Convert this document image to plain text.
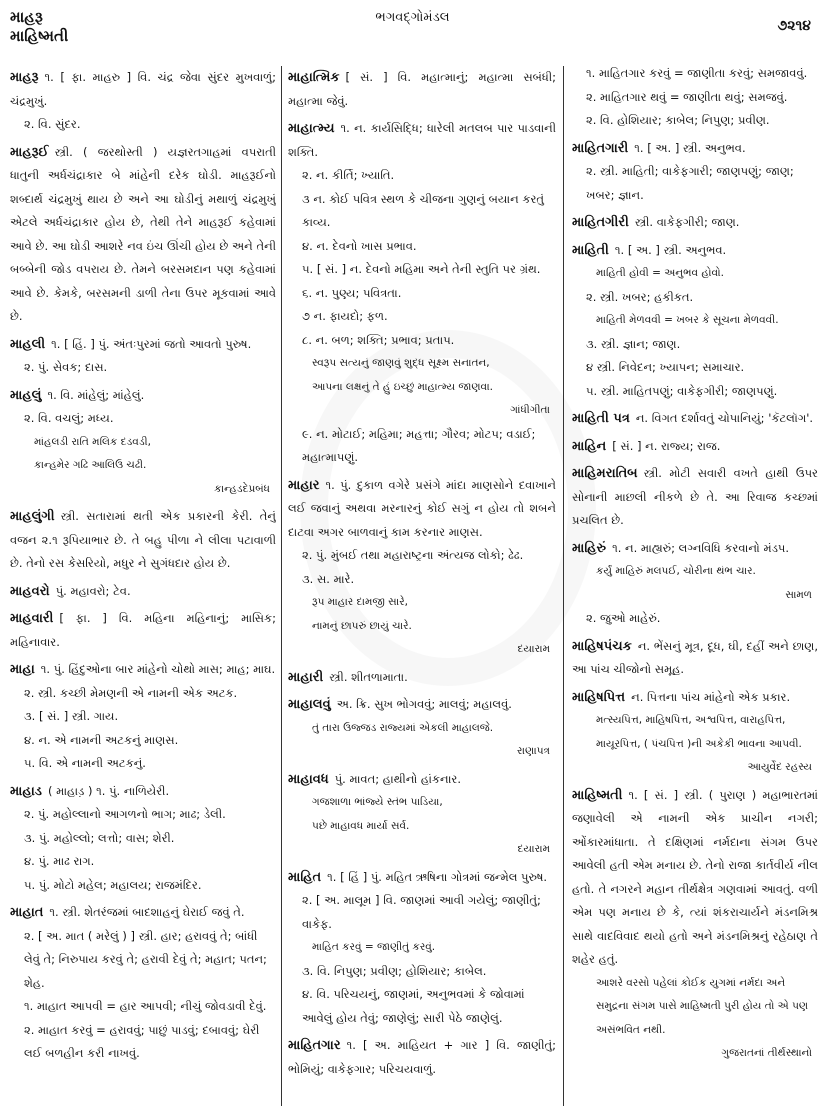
માહરૂ
માહિષ્મતી
ભગવદ્ગોમંડલ
૭૨૧૪
માહરૂ ૧. [ ફા. માહરુ ] વિ. ચંદ્ર જેવા સુંદર મુખવાળું; ચંદ્રમુખું.
૨. વિ. સુંદર.
માહરૂઈ સ્ત્રી. ( જરથોસ્તી ) યજ્ઞરતગાહમાં વપરાતી ધાતુની અર્ધચંદ્રાકાર બે માંહેની દરેક ઘોડી. માહરૂઈનો શબ્દાર્થ ચંદ્રમુખું થાય છે અને આ ઘોડીનું મથાળું ચંદ્રમુખું એટલે અર્ધચંદ્રાકાર હોય છે, તેથી તેને માહરૂઈ કહેવામાં આવે છે. આ ઘોડી આશરે નવ ઇંચ ઊંચી હોય છે અને તેની બબ્બેની જોડ વપરાય છે. તેમને બરસમદાન પણ કહેવામાં આવે છે. કેમકે, બરસમની ડાળી તેના ઉપર મૂકવામાં આવે છે.
માહલી ૧. [ હિં. ] પું. અંતઃપુરમાં જતો આવતો પુરુષ.
૨. પું. સેવક; દાસ.
માહલું ૧. વિ. માંહેલું; માંહેલું.
૨. વિ. વચલું; મધ્ય.
માંહલડી રાતિ મલિક દડવડી,
કાન્હમેર ગઢિ આલિઉ ચઢી.
કાન્હડદેપ્રબંધ
માહલુંગી સ્ત્રી. સતારામાં થતી એક પ્રકારની કેરી. તેનું વજન ૨.૧ રૂપિયાભાર છે. તે બહુ પીળા ને લીલા પટાવાળી છે. તેનો રસ કેસરિયો, મધુર ને સુગંધદાર હોય છે.
માહવરો પું. મહાવરો; ટેવ.
માહવારી [ ફા. ] વિ. મહિના મહિનાનું; માસિક; મહિનાવાર.
માહા ૧. પું. હિંદુઓના બાર માંહેનો ચોથો માસ; માહ; માઘ.
૨. સ્ત્રી. કચ્છી મેમણની એ નામની એક અટક.
૩. [ સં. ] સ્ત્રી. ગાય.
૪. ન. એ નામની અટકનું માણસ.
૫. વિ. એ નામની અટકનું.
માહાડ ( માહાડ઼ ) ૧. પું. નાળિયેરી.
૨. પું. મહોલ્લાનો આગળનો ભાગ; માઢ; ડેલી.
૩. પું. મહોલ્લો; લત્તો; વાસ; શેરી.
૪. પું. માઢ રાગ.
૫. પું. મોટો મહેલ; મહાલય; રાજમંદિર.
માહાત ૧. સ્ત્રી. શેતરંજમાં બાદશાહનું ઘેરાઈ જવું તે.
૨. [ અ. માત ( મરેલું ) ] સ્ત્રી. હાર; હરાવવું તે; બાંધી લેવું તે; નિરુપાય કરવું તે; હરાવી દેવું તે; મહાત; પતન; શેહ.
૧. માહાત આપવી = હાર આપવી; નીચું જોવડાવી દેવું.
૨. માહાત કરવું = હરાવવું; પાછું પાડવું; દબાવવું; ઘેરી લઈ બળહીન કરી નાખવું.
માહાત્મિક [ સં. ] વિ. મહાત્માનું; મહાત્મા સબંધી; મહાત્મા જેવું.
માહાત્મ્ય ૧. ન. કાર્યસિદ્ધિ; ધારેલી મતલબ પાર પાડવાની શક્તિ.
૨. ન. કીર્તિ; ખ્યાતિ.
૩ ન. કોઈ પવિત્ર સ્થળ કે ચીજના ગુણનું બયાન કરતું કાવ્ય.
૪. ન. દેવનો ખાસ પ્રભાવ.
૫. [ સં. ] ન. દેવનો મહિમા અને તેની સ્તુતિ પર ગ્રંથ.
૬. ન. પુણ્ય; પવિત્રતા.
૭ ન. ફાયદો; ફળ.
૮. ન. બળ; શક્તિ; પ્રભાવ; પ્રતાપ.
સ્વરૂપ સત્યનું જાણવું શુદ્ધ સૂક્ષ્મ સનાતન,
આપના લક્ષનું તે હું ઇચ્છું માહાત્મ્ય જાણવા.
ગાંધીગીતા
૯. ન. મોટાઈ; મહિમા; મહત્તા; ગૌરવ; મોટપ; વડાઈ; મહાત્માપણું.
માહાર ૧. પું. દુકાળ વગેરે પ્રસંગે માંદા માણસોને દવાખાને લઈ જવાનું અથવા મરનારનું કોઈ સગું ન હોય તો શબને દાટવા અગર બાળવાનું કામ કરનાર માણસ.
૨. પું. મુંબઈ તથા મહારાષ્ટ્રના અંત્યજ લોકો; ઢેઢ.
૩. સ. મારે.
રૂપ માહાર દામજી સારે,
નામનું છાપરું છાયું ચારે.
દયારામ
માહારી સ્ત્રી. શીતળામાતા.
માહાલવું અ. ક્રિ. સુખ ભોગવવું; માલવું; મહાલવું.
તું તારા ઉજ્જડ રાજ્યમાં એકલી માહાલજે.
રાણાપત્ર
માહાવધ પું. માવત; હાથીનો હાંકનાર.
ગજશાળા ભાંજ્યે સ્તંભ પાડિયા,
પછે માહાવધ માર્યા સર્વ.
દયારામ
માહિત ૧. [ હિં ] પું. મહિત ઋષિના ગોત્રમાં જન્મેલ પુરુષ.
૨. [ અ. માલૂમ ] વિ. જાણમાં આવી ગયેલું; જાણીતું; વાકેફ.
માહિત કરવું = જાણીતું કરવું.
૩. વિ. નિપુણ; પ્રવીણ; હોશિયાર; કાબેલ.
૪. વિ. પરિચયનું, જાણમાં, અનુભવમાં કે જોવામાં આવેલું હોય તેવું; જાણેલું; સારી પેઠે જાણેલું.
માહિતગાર ૧. [ અ. માહિયત + ગાર ] વિ. જાણીતું; ભોમિયું; વાકેફગાર; પરિચયવાળું.
૧. માહિતગાર કરવું = જાણીતા કરવું; સમજાવવું.
૨. માહિતગાર થવું = જાણીતા થવું; સમજવું.
૨. વિ. હોશિયાર; કાબેલ; નિપુણ; પ્રવીણ.
માહિતગારી ૧. [ અ. ] સ્ત્રી. અનુભવ.
૨. સ્ત્રી. માહિતી; વાકેફગારી; જાણપણું; જાણ; ખબર; જ્ઞાન.
માહિતગીરી સ્ત્રી. વાકેફગીરી; જાણ.
માહિતી ૧. [ અ. ] સ્ત્રી. અનુભવ.
માહિતી હોવી = અનુભવ હોવો.
૨. સ્ત્રી. ખબર; હકીકત.
માહિતી મેળવવી = ખબર કે સૂચના મેળવવી.
૩. સ્ત્રી. જ્ઞાન; જાણ.
૪ સ્ત્રી. નિવેદન; ખ્યાપન; સમાચાર.
૫. સ્ત્રી. માહિતપણું; વાકેફગીરી; જાણપણું.
માહિતી પત્ર ન. વિગત દર્શાવતું ચોપાનિયું; 'કૅટલૉગ'.
માહિન [ સં. ] ન. રાજ્ય; રાજ.
માહિમરાતિબ સ્ત્રી. મોટી સવારી વખતે હાથી ઉપર સોનાની માછલી નીકળે છે તે. આ રિવાજ કચ્છમાં પ્રચલિત છે.
માહિરું ૧. ન. માહ્યરું; લગ્નવિધિ કરવાનો મંડપ.
કર્યું માહિરું મલપઈ, ચોરીના થંભ ચાર.
સામળ
૨. જુઓ માહેરું.
માહિષપંચક ન. ભેંસનું મૂત્ર, દૂધ, ઘી, દહીં અને છાણ, આ પાંચ ચીજોનો સમૂહ.
માહિષપિત્ત ન. પિત્તના પાંચ માંહેનો એક પ્રકાર.
મત્સ્યપિત્ત, માહિષપિત્ત, અશ્વપિત્ત, વારાહપિત્ત, માયૂરપિત્ત, ( પંચપિત્ત )ની અકેકી ભાવના આપવી.
આયુર્વેદ રહસ્ય
માહિષ્મતી ૧. [ સં. ] સ્ત્રી. ( પુરાણ ) મહાભારતમાં જણાવેલી એ નામની એક પ્રાચીન નગરી; ઓંકારમાંધાતા. તે દક્ષિણમાં નર્મદાના સંગમ ઉપર આવેલી હતી એમ મનાય છે. તેનો રાજા કાર્તવીર્ય નીલ હતો. તે નગરને મહાન તીર્થક્ષેત્ર ગણવામાં આવતું. વળી એમ પણ મનાય છે કે, ત્યાં શંકરાચાર્યને મંડનમિશ્ર સાથે વાદવિવાદ થયો હતો અને મંડનમિશ્રનું રહેઠાણ તે શહેર હતું.
આશરે વરસો પહેલાં કોઈક યુગમાં નર્મદા અને સમુદ્રના સંગમ પાસે માહિષ્મતી પુરી હોય તો એ પણ અસંભવિત નથી.
ગુજરાતનાં તીર્થસ્થાનો
